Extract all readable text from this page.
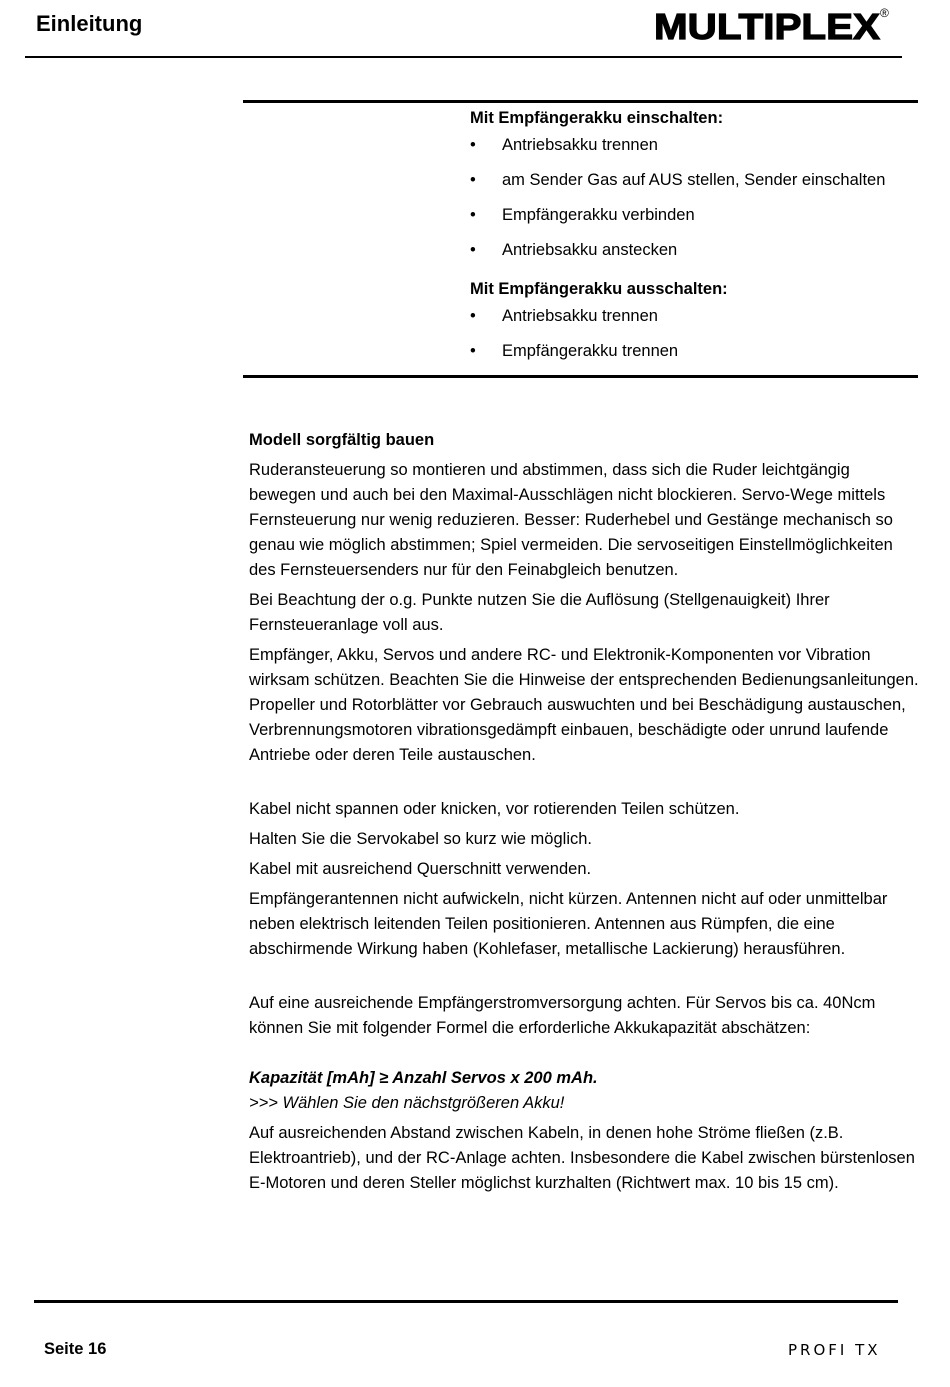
Einleitung	MULTIPLEX ®
Mit Empfängerakku einschalten:
• Antriebsakku trennen
• am Sender Gas auf AUS stellen, Sender einschalten
• Empfängerakku verbinden
• Antriebsakku anstecken
Mit Empfängerakku ausschalten:
• Antriebsakku trennen
• Empfängerakku trennen

Modell sorgfältig bauen

Ruderansteuerung so montieren und abstimmen, dass sich die Ruder leichtgängig bewegen und auch bei den Maximal-Ausschlägen nicht blockieren. Servo-Wege mittels Fernsteuerung nur wenig reduzieren. Besser: Ruderhebel und Gestänge mechanisch so genau wie möglich abstimmen; Spiel vermeiden. Die servoseitigen Einstellmöglichkeiten des Fernsteuersenders nur für den Feinabgleich benutzen.

Bei Beachtung der o.g. Punkte nutzen Sie die Auflösung (Stellgenauigkeit) Ihrer Fernsteueranlage voll aus.

Empfänger, Akku, Servos und andere RC- und Elektronik-Komponenten vor Vibration wirksam schützen. Beachten Sie die Hinweise der entsprechenden Bedienungsanleitungen. Propeller und Rotorblätter vor Gebrauch auswuchten und bei Beschädigung austauschen, Verbrennungsmotoren vibrationsgedämpft einbauen, beschädigte oder unrund laufende Antriebe oder deren Teile austauschen.

Kabel nicht spannen oder knicken, vor rotierenden Teilen schützen.

Halten Sie die Servokabel so kurz wie möglich.

Kabel mit ausreichend Querschnitt verwenden.

Empfängerantennen nicht aufwickeln, nicht kürzen. Antennen nicht auf oder unmittelbar neben elektrisch leitenden Teilen positionieren. Antennen aus Rümpfen, die eine abschirmende Wirkung haben (Kohlefaser, metallische Lackierung) herausführen.

Auf eine ausreichende Empfängerstromversorgung achten. Für Servos bis ca. 40Ncm können Sie mit folgender Formel die erforderliche Akkukapazität abschätzen:

Kapazität [mAh] ≥ Anzahl Servos x 200 mAh.

>>> Wählen Sie den nächstgrößeren Akku!

Auf ausreichenden Abstand zwischen Kabeln, in denen hohe Ströme fließen (z.B. Elektroantrieb), und der RC-Anlage achten. Insbesondere die Kabel zwischen bürstenlosen E-Motoren und deren Steller möglichst kurzhalten (Richtwert max. 10 bis 15 cm).

Seite 16	PROFI TX
